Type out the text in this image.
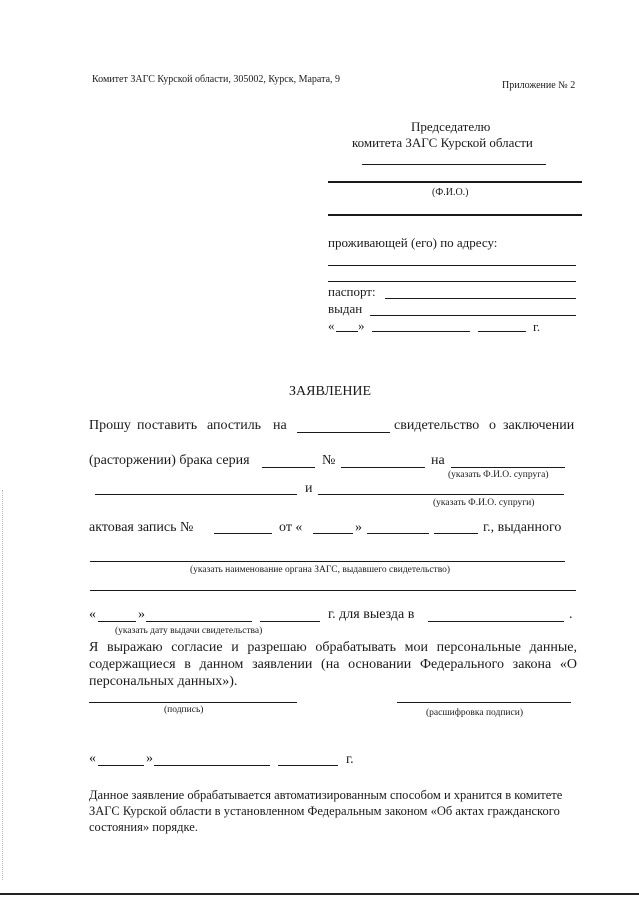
Комитет ЗАГС Курской области, 305002, Курск, Марата, 9
Приложение № 2
Председателю
комитета ЗАГС Курской области
(Ф.И.О.)
проживающей (его) по адресу:
паспорт:
выдан
« »	г.
ЗАЯВЛЕНИЕ
Прошу поставить апостиль на	свидетельство о заключении
(расторжении) брака серия	№	на
(указать Ф.И.О. супруга)
и
(указать Ф.И.О. супруги)
актовая запись №	от «	»	г., выданного
(указать наименование органа ЗАГС, выдавшего свидетельство)
«	»	г. для выезда в	.
(указать дату выдачи свидетельства)
Я выражаю согласие и разрешаю обрабатывать мои персональные данные,
содержащиеся в данном заявлении (на основании Федерального закона «О
персональных данных»).
(подпись)	(расшифровка подписи)
«	»	г.
Данное заявление обрабатывается автоматизированным способом и хранится в комитете
ЗАГС Курской области в установленном Федеральным законом «Об актах гражданского
состояния» порядке.
